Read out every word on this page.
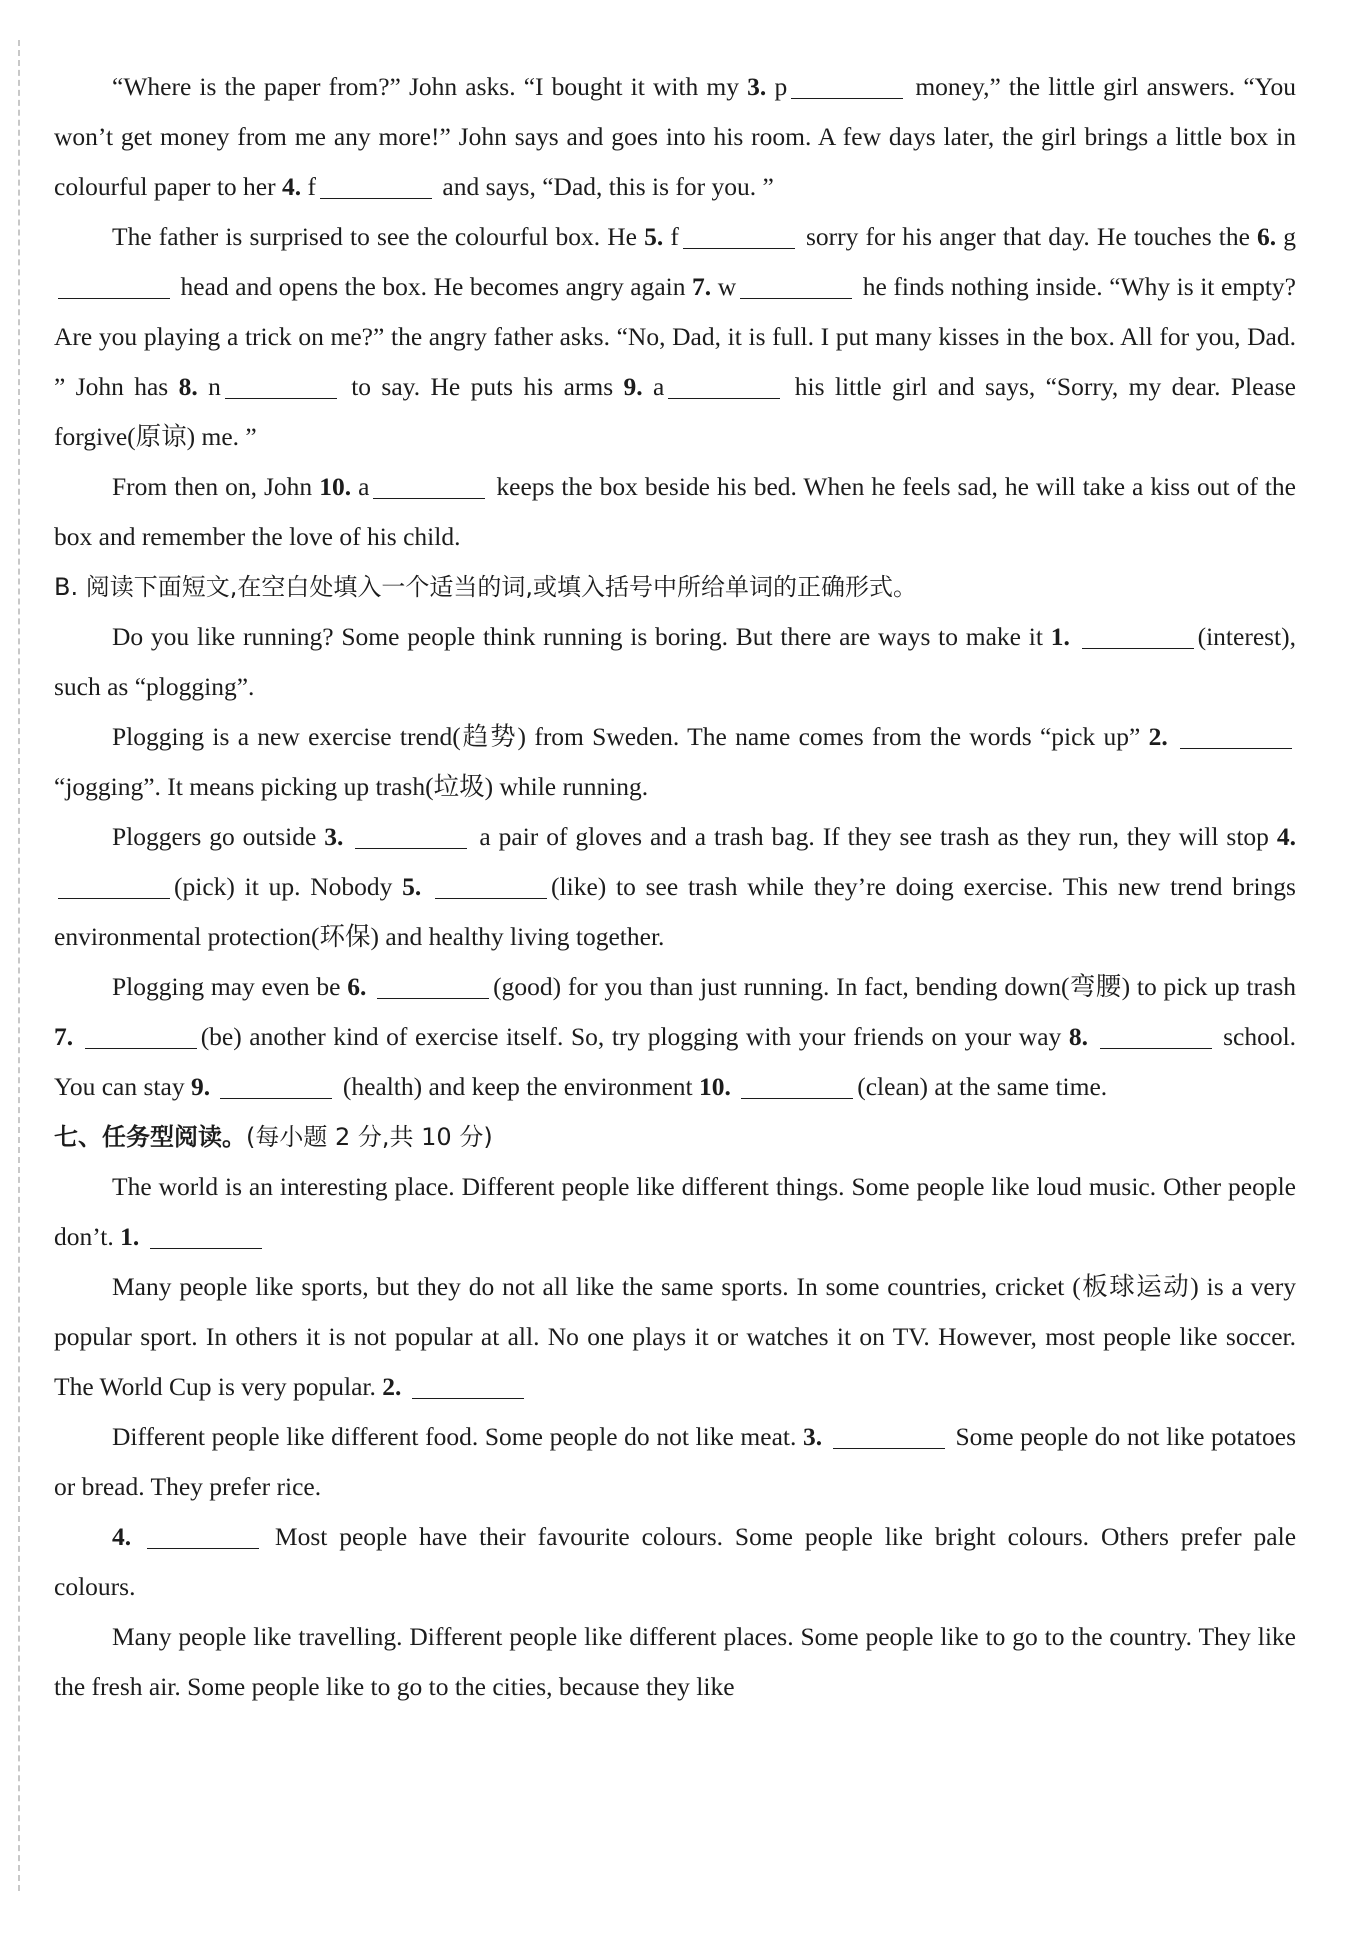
“Where is the paper from?” John asks. “I bought it with my 3. p	money,” the little girl answers. “You won’t get money from me any more!” John says and goes into his room. A few days later, the girl brings a little box in colourful paper to her 4. f	and says, “Dad, this is for you. ”

The father is surprised to see the colourful box. He 5. f	sorry for his anger that day. He touches the 6. g head and opens the box. He becomes angry again 7. w	he finds nothing inside. “Why is it empty? Are you playing a trick on me?” the angry father asks. “No, Dad, it is full. I put many kisses in the box. All for you, Dad. ” John has 8. n	to say. He puts his arms 9. a	his little girl and says, “Sorry, my dear. Please forgive(原谅) me. ”

From then on, John 10. a	keeps the box beside his bed. When he feels sad, he will take a kiss out of the box and remember the love of his child.

B. 阅读下面短文,在空白处填入一个适当的词,或填入括号中所给单词的正确形式。

Do you like running? Some people think running is boring. But there are ways to make it 1.	(interest), such as “plogging”.

Plogging is a new exercise trend(趋势) from Sweden. The name comes from the words “pick up” 2.  “jogging”. It means picking up trash(垃圾) while running.

Ploggers go outside 3.	a pair of gloves and a trash bag. If they see trash as they run, they will stop 4. (pick) it up. Nobody 5.	(like) to see trash while they’re doing exercise. This new trend brings environmental protection(环保) and healthy living together.

Plogging may even be 6.	(good) for you than just running. In fact, bending down(弯腰) to pick up trash 7.	(be) another kind of exercise itself. So, try plogging with your friends on your way 8.	school. You can stay 9.	(health) and keep the environment 10.	(clean) at the same time.

七、任务型阅读。(每小题 2 分,共 10 分)

The world is an interesting place. Different people like different things. Some people like loud music. Other people don’t. 1.

Many people like sports, but they do not all like the same sports. In some countries, cricket (板球运动) is a very popular sport. In others it is not popular at all. No one plays it or watches it on TV. However, most people like soccer. The World Cup is very popular. 2.

Different people like different food. Some people do not like meat. 3.	Some people do not like potatoes or bread. They prefer rice.

4.	Most people have their favourite colours. Some people like bright colours. Others prefer pale colours.

Many people like travelling. Different people like different places. Some people like to go to the country. They like the fresh air. Some people like to go to the cities, because they like
